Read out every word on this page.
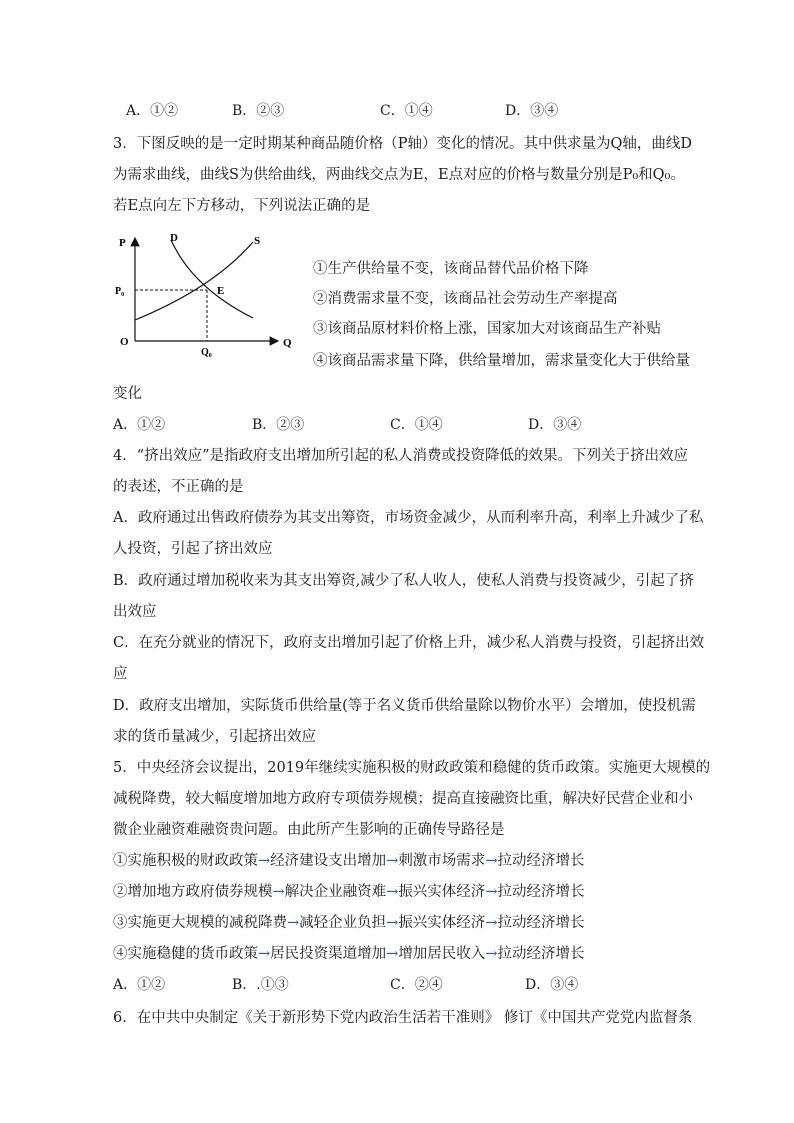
A．①②	B．②③	C．①④	D．③④
3．下图反映的是一定时期某种商品随价格（P轴）变化的情况。其中供求量为Q轴，曲线D
为需求曲线，曲线S为供给曲线，两曲线交点为E，E点对应的价格与数量分别是P₀和Q₀。
若E点向左下方移动，下列说法正确的是
P	D	S
P₀	E
O
Q₀
Q
①生产供给量不变，该商品替代品价格下降
②消费需求量不变，该商品社会劳动生产率提高
③该商品原材料价格上涨，国家加大对该商品生产补贴
④该商品需求量下降，供给量增加，需求量变化大于供给量
变化
A．①②	B．②③	C．①④	D．③④
4．“挤出效应”是指政府支出增加所引起的私人消费或投资降低的效果。下列关于挤出效应
的表述，不正确的是
A．政府通过出售政府债券为其支出筹资，市场资金减少，从而利率升高，利率上升减少了私
人投资，引起了挤出效应
B．政府通过增加税收来为其支出筹资,减少了私人收人，使私人消费与投资减少，引起了挤
出效应
C．在充分就业的情况下，政府支出增加引起了价格上升，减少私人消费与投资，引起挤出效
应
D．政府支出增加，实际货币供给量(等于名义货币供给量除以物价水平）会增加，使投机需
求的货币量减少，引起挤出效应
5．中央经济会议提出，2019年继续实施积极的财政政策和稳健的货币政策。实施更大规模的
减税降费，较大幅度增加地方政府专项债券规模；提高直接融资比重，解决好民营企业和小
微企业融资难融资贵问题。由此所产生影响的正确传导路径是
①实施积极的财政政策→经济建设支出增加→刺激市场需求→拉动经济增长
②增加地方政府债券规模→解决企业融资难→振兴实体经济→拉动经济增长
③实施更大规模的减税降费→减轻企业负担→振兴实体经济→拉动经济增长
④实施稳健的货币政策→居民投资渠道增加→增加居民收入→拉动经济增长
A．①②	B．.①③	C．②④	D．③④
6．在中共中央制定《关于新形势下党内政治生活若干准则》 修订《中国共产党党内监督条
